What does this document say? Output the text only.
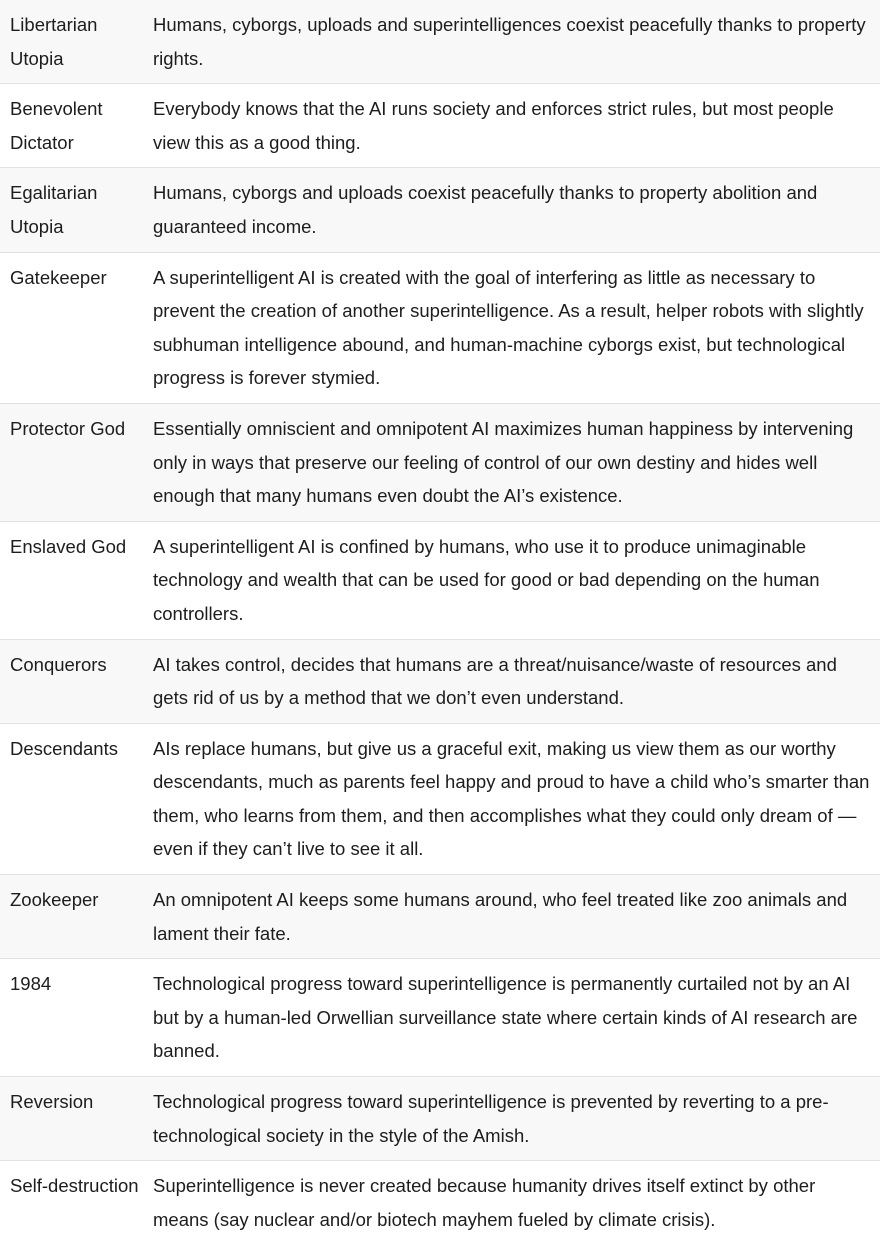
Libertarian Utopia	Humans, cyborgs, uploads and superintelligences coexist peacefully thanks to property rights.
Benevolent Dictator	Everybody knows that the AI runs society and enforces strict rules, but most people view this as a good thing.
Egalitarian Utopia	Humans, cyborgs and uploads coexist peacefully thanks to property abolition and guaranteed income.
Gatekeeper	A superintelligent AI is created with the goal of interfering as little as necessary to prevent the creation of another superintelligence. As a result, helper robots with slightly subhuman intelligence abound, and human-machine cyborgs exist, but technological progress is forever stymied.
Protector God	Essentially omniscient and omnipotent AI maximizes human happiness by intervening only in ways that preserve our feeling of control of our own destiny and hides well enough that many humans even doubt the AI’s existence.
Enslaved God	A superintelligent AI is confined by humans, who use it to produce unimaginable technology and wealth that can be used for good or bad depending on the human controllers.
Conquerors	AI takes control, decides that humans are a threat/nuisance/waste of resources and gets rid of us by a method that we don’t even understand.
Descendants	AIs replace humans, but give us a graceful exit, making us view them as our worthy descendants, much as parents feel happy and proud to have a child who’s smarter than them, who learns from them, and then accomplishes what they could only dream of — even if they can’t live to see it all.
Zookeeper	An omnipotent AI keeps some humans around, who feel treated like zoo animals and lament their fate.
1984	Technological progress toward superintelligence is permanently curtailed not by an AI but by a human-led Orwellian surveillance state where certain kinds of AI research are banned.
Reversion	Technological progress toward superintelligence is prevented by reverting to a pre-technological society in the style of the Amish.
Self-destruction	Superintelligence is never created because humanity drives itself extinct by other means (say nuclear and/or biotech mayhem fueled by climate crisis).
